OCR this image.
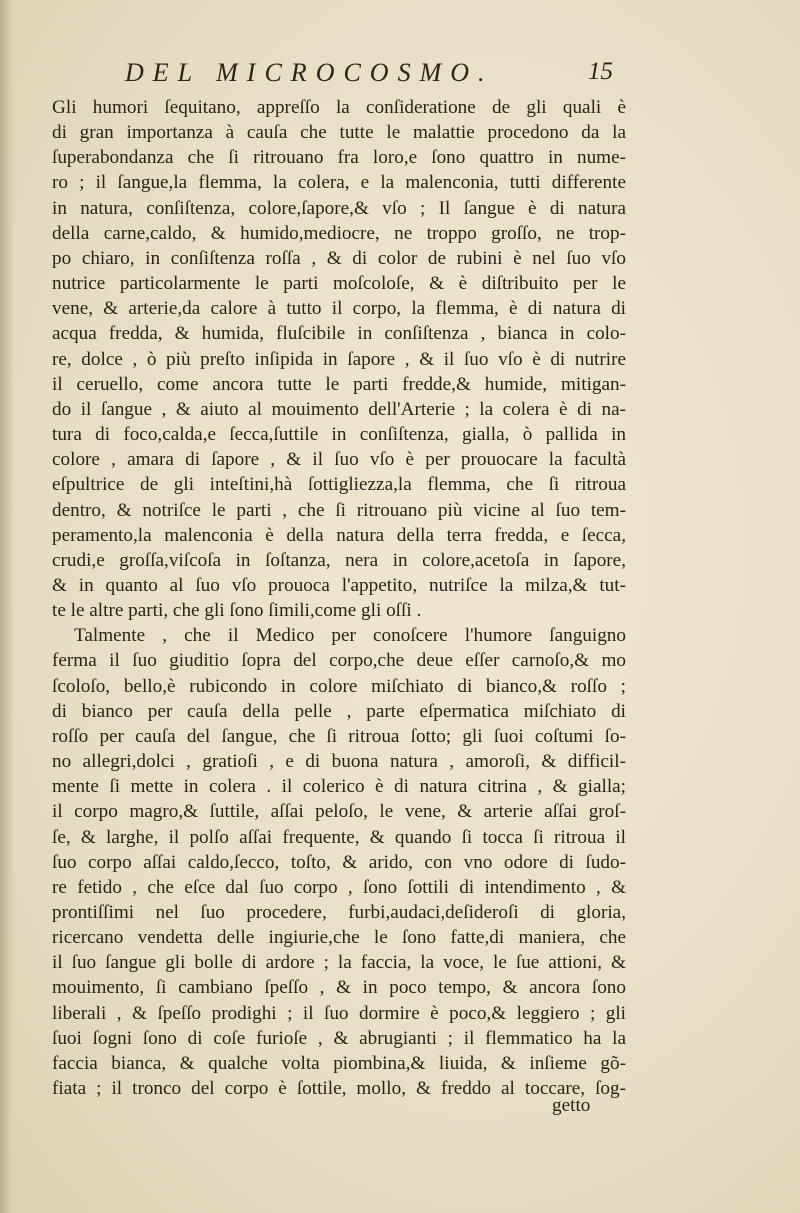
DEL MICROCOSMO.	15
Gli humori ſequitano, appreſſo la conſideratione de gli quali è
di gran importanza à cauſa che tutte le malattie procedono da la
ſuperabondanza che ſi ritrouano fra loro,e ſono quattro in nume-
ro ; il ſangue,la flemma, la colera, e la malenconia, tutti differente
in natura, conſiſtenza, colore,ſapore,& vſo ; Il ſangue è di natura
della carne,caldo, & humido,mediocre, ne troppo groſſo, ne trop-
po chiaro, in conſiſtenza roſſa , & di color de rubini è nel ſuo vſo
nutrice particolarmente le parti moſcoloſe, & è diſtribuito per le
vene, & arterie,da calore à tutto il corpo, la flemma, è di natura di
acqua fredda, & humida, fluſcibile in conſiſtenza , bianca in colo-
re, dolce , ò più preſto inſipida in ſapore , & il ſuo vſo è di nutrire
il ceruello, come ancora tutte le parti fredde,& humide, mitigan-
do il ſangue , & aiuto al mouimento dell'Arterie ; la colera è di na-
tura di foco,calda,e ſecca,ſuttile in conſiſtenza, gialla, ò pallida in
colore , amara di ſapore , & il ſuo vſo è per prouocare la facultà
eſpultrice de gli inteſtini,hà ſottigliezza,la flemma, che ſi ritroua
dentro, & notriſce le parti , che ſi ritrouano più vicine al ſuo tem-
peramento,la malenconia è della natura della terra fredda, e ſecca,
crudi,e groſſa,viſcoſa in ſoſtanza, nera in colore,acetoſa in ſapore,
& in quanto al ſuo vſo prouoca l'appetito, nutriſce la milza,& tut-
te le altre parti, che gli ſono ſimili,come gli oſſi .
Talmente , che il Medico per conoſcere l'humore ſanguigno
ferma il ſuo giuditio ſopra del corpo,che deue eſſer carnoſo,& mo
ſcoloſo, bello,è rubicondo in colore miſchiato di bianco,& roſſo ;
di bianco per cauſa della pelle , parte eſpermatica miſchiato di
roſſo per cauſa del ſangue, che ſi ritroua ſotto; gli ſuoi coſtumi ſo-
no allegri,dolci , gratioſi , e di buona natura , amoroſi, & difficil-
mente ſi mette in colera . il colerico è di natura citrina , & gialla;
il corpo magro,& ſuttile, aſſai peloſo, le vene, & arterie aſſai groſ-
ſe, & larghe, il polſo aſſai frequente, & quando ſi tocca ſi ritroua il
ſuo corpo aſſai caldo,ſecco, toſto, & arido, con vno odore di ſudo-
re fetido , che eſce dal ſuo corpo , ſono ſottili di intendimento , &
prontiſſimi nel ſuo procedere, furbi,audaci,deſideroſi di gloria,
ricercano vendetta delle ingiurie,che le ſono fatte,di maniera, che
il ſuo ſangue gli bolle di ardore ; la faccia, la voce, le ſue attioni, &
mouimento, ſi cambiano ſpeſſo , & in poco tempo, & ancora ſono
liberali , & ſpeſſo prodighi ; il ſuo dormire è poco,& leggiero ; gli
ſuoi ſogni ſono di coſe furioſe , & abrugianti ; il flemmatico ha la
faccia bianca, & qualche volta piombina,& liuida, & inſieme gõ-
fiata ; il tronco del corpo è ſottile, mollo, & freddo al toccare, ſog-
getto
